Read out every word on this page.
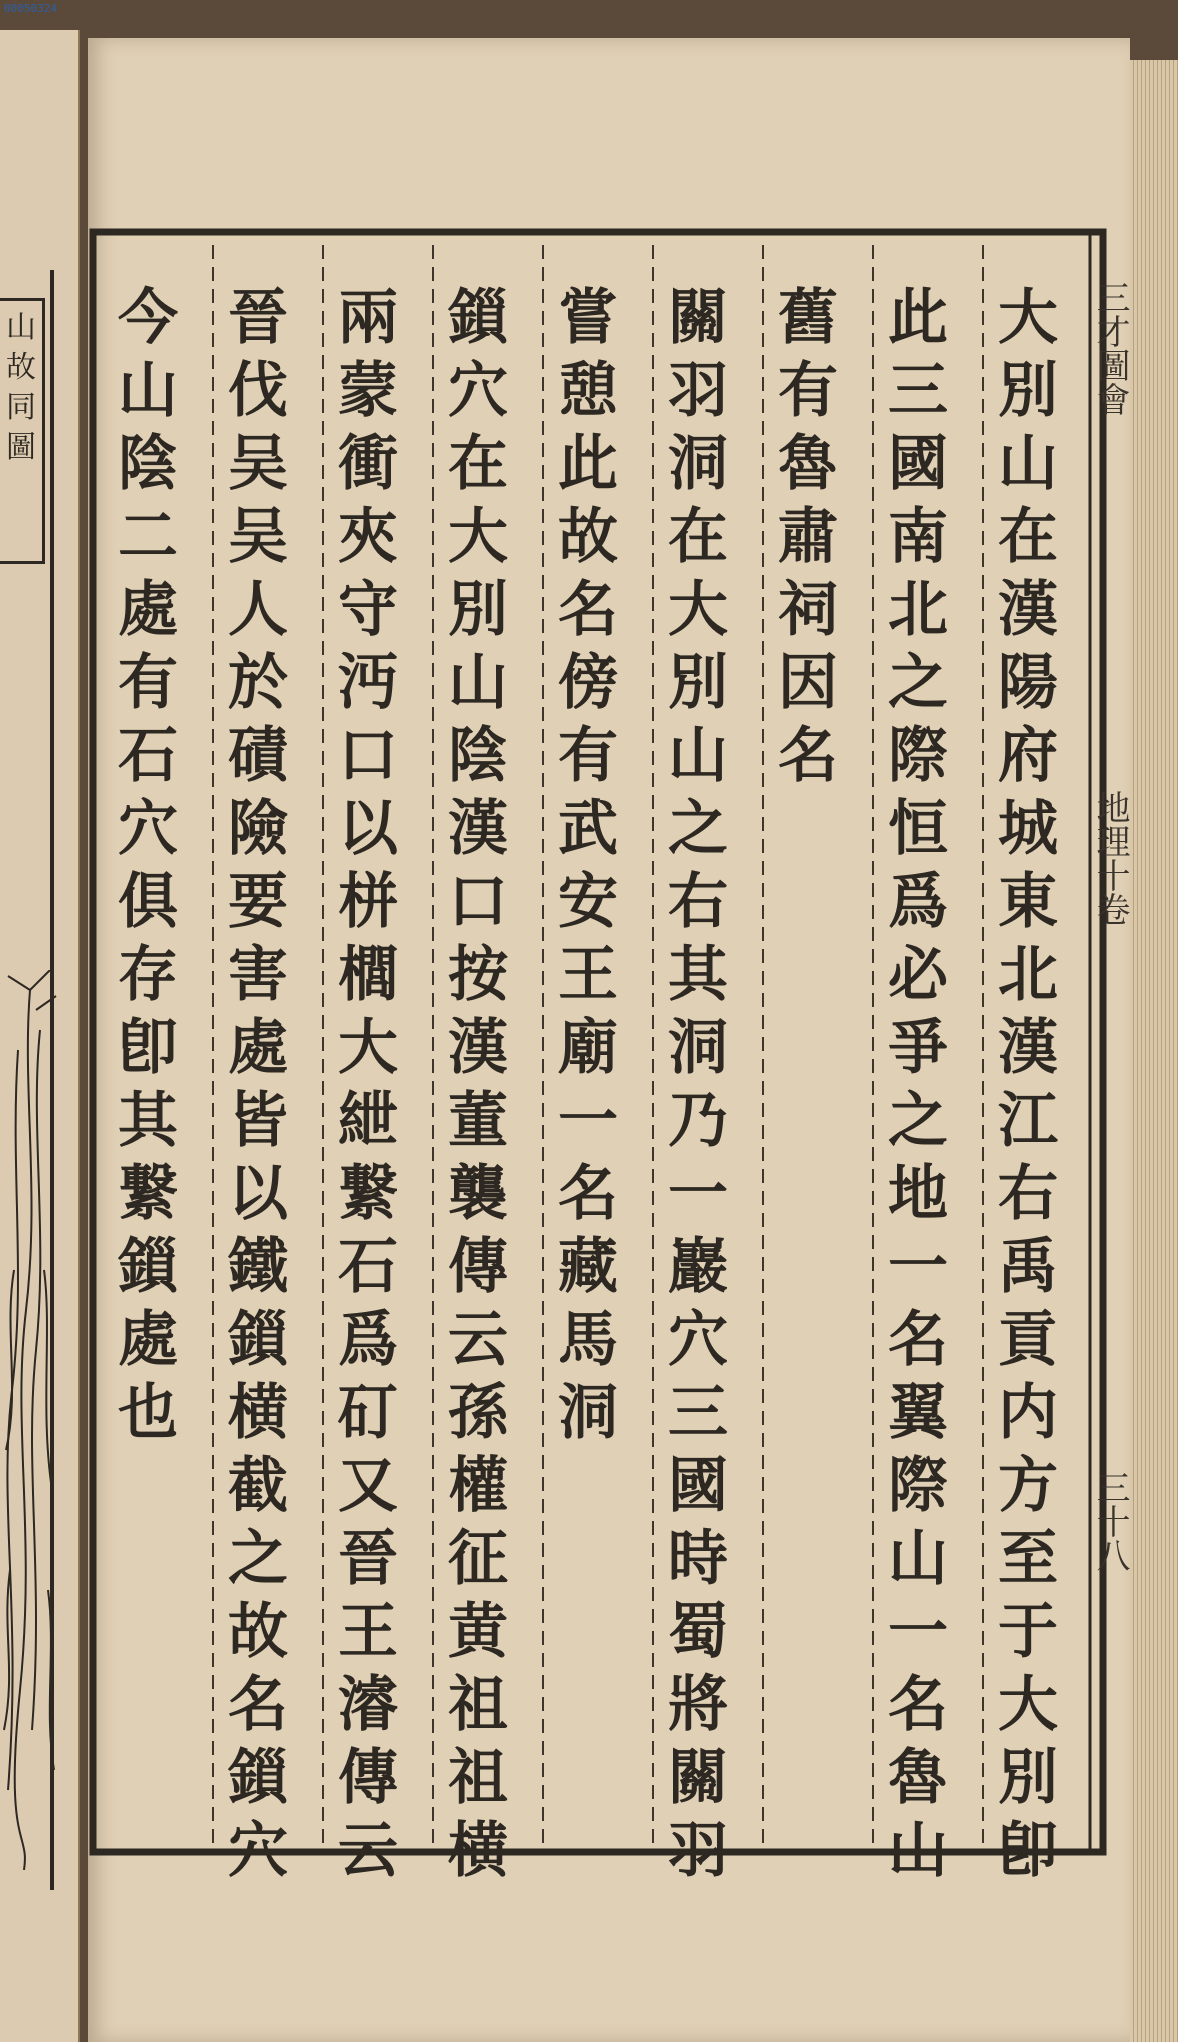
00050324
山故同圖
三才圖會
地理十卷
三十八
大
別
山
在
漢
陽
府
城
東
北
漢
江
右
禹
貢
内
方
至
于
大
別
卽
此
三
國
南
北
之
際
恒
爲
必
爭
之
地
一
名
翼
際
山
一
名
魯
山
舊
有
魯
肅
祠
因
名
關
羽
洞
在
大
別
山
之
右
其
洞
乃
一
巖
穴
三
國
時
蜀
將
關
羽
嘗
憩
此
故
名
傍
有
武
安
王
廟
一
名
藏
馬
洞
鎻
穴
在
大
別
山
陰
漢
口
按
漢
董
襲
傳
云
孫
權
征
黄
祖
祖
横
兩
蒙
衝
夾
守
沔
口
以
栟
櫚
大
紲
繋
石
爲
矴
又
晉
王
濬
傳
云
晉
伐
吴
吴
人
於
磧
險
要
害
處
皆
以
鐵
鎻
横
截
之
故
名
鎻
穴
今
山
陰
二
處
有
石
穴
俱
存
卽
其
繋
鎻
處
也
